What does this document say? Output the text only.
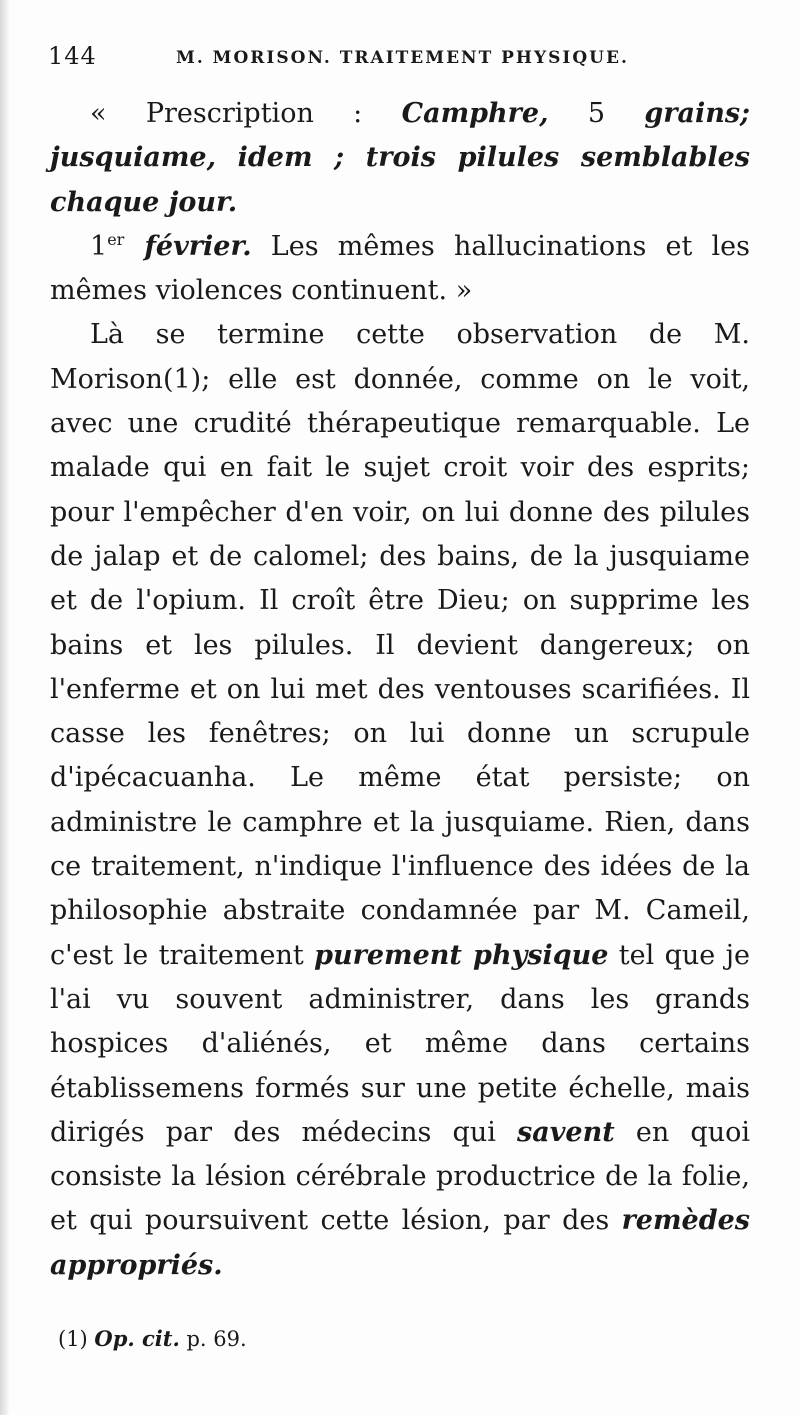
144	M. MORISON. TRAITEMENT PHYSIQUE.

« Prescription : Camphre, 5 grains; jusquiame, idem ; trois pilules semblables chaque jour.

1er février. Les mêmes hallucinations et les mêmes violences continuent. »

Là se termine cette observation de M. Morison(1); elle est donnée, comme on le voit, avec une crudité thérapeutique remarquable. Le malade qui en fait le sujet croit voir des esprits; pour l'empêcher d'en voir, on lui donne des pilules de jalap et de calomel; des bains, de la jusquiame et de l'opium. Il croît être Dieu; on supprime les bains et les pilules. Il devient dangereux; on l'enferme et on lui met des ventouses scarifiées. Il casse les fenêtres; on lui donne un scrupule d'ipécacuanha. Le même état persiste; on administre le camphre et la jusquiame. Rien, dans ce traitement, n'indique l'influence des idées de la philosophie abstraite condamnée par M. Cameil, c'est le traitement purement physique tel que je l'ai vu souvent administrer, dans les grands hospices d'aliénés, et même dans certains établissemens formés sur une petite échelle, mais dirigés par des médecins qui savent en quoi consiste la lésion cérébrale productrice de la folie, et qui poursuivent cette lésion, par des remèdes appropriés.

(1) Op. cit. p. 69.
